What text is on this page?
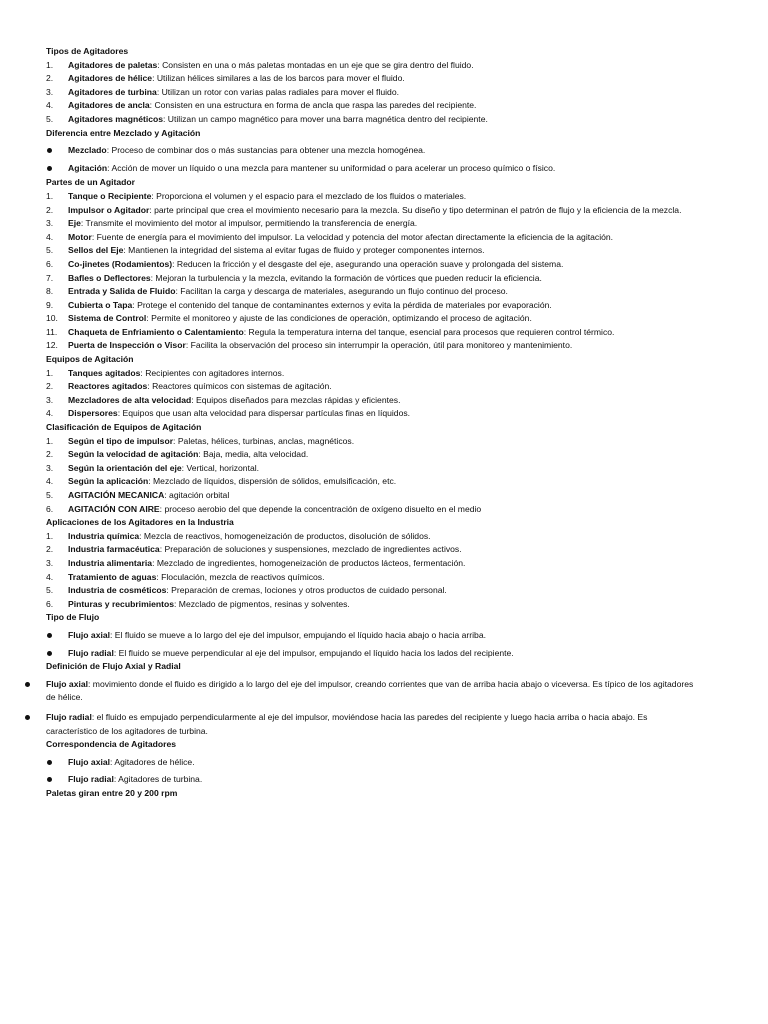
Tipos de Agitadores
1. Agitadores de paletas: Consisten en una o más paletas montadas en un eje que se gira dentro del fluido.
2. Agitadores de hélice: Utilizan hélices similares a las de los barcos para mover el fluido.
3. Agitadores de turbina: Utilizan un rotor con varias palas radiales para mover el fluido.
4. Agitadores de ancla: Consisten en una estructura en forma de ancla que raspa las paredes del recipiente.
5. Agitadores magnéticos: Utilizan un campo magnético para mover una barra magnética dentro del recipiente.
Diferencia entre Mezclado y Agitación
Mezclado: Proceso de combinar dos o más sustancias para obtener una mezcla homogénea.
Agitación: Acción de mover un líquido o una mezcla para mantener su uniformidad o para acelerar un proceso químico o físico.
Partes de un Agitador
1. Tanque o Recipiente: Proporciona el volumen y el espacio para el mezclado de los fluidos o materiales.
2. Impulsor o Agitador: parte principal que crea el movimiento necesario para la mezcla. Su diseño y tipo determinan el patrón de flujo y la eficiencia de la mezcla.
3. Eje: Transmite el movimiento del motor al impulsor, permitiendo la transferencia de energía.
4. Motor: Fuente de energía para el movimiento del impulsor. La velocidad y potencia del motor afectan directamente la eficiencia de la agitación.
5. Sellos del Eje: Mantienen la integridad del sistema al evitar fugas de fluido y proteger componentes internos.
6. Co-jinetes (Rodamientos): Reducen la fricción y el desgaste del eje, asegurando una operación suave y prolongada del sistema.
7. Bafles o Deflectores: Mejoran la turbulencia y la mezcla, evitando la formación de vórtices que pueden reducir la eficiencia.
8. Entrada y Salida de Fluido: Facilitan la carga y descarga de materiales, asegurando un flujo continuo del proceso.
9. Cubierta o Tapa: Protege el contenido del tanque de contaminantes externos y evita la pérdida de materiales por evaporación.
10. Sistema de Control: Permite el monitoreo y ajuste de las condiciones de operación, optimizando el proceso de agitación.
11. Chaqueta de Enfriamiento o Calentamiento: Regula la temperatura interna del tanque, esencial para procesos que requieren control térmico.
12. Puerta de Inspección o Visor: Facilita la observación del proceso sin interrumpir la operación, útil para monitoreo y mantenimiento.
Equipos de Agitación
1. Tanques agitados: Recipientes con agitadores internos.
2. Reactores agitados: Reactores químicos con sistemas de agitación.
3. Mezcladores de alta velocidad: Equipos diseñados para mezclas rápidas y eficientes.
4. Dispersores: Equipos que usan alta velocidad para dispersar partículas finas en líquidos.
Clasificación de Equipos de Agitación
1. Según el tipo de impulsor: Paletas, hélices, turbinas, anclas, magnéticos.
2. Según la velocidad de agitación: Baja, media, alta velocidad.
3. Según la orientación del eje: Vertical, horizontal.
4. Según la aplicación: Mezclado de líquidos, dispersión de sólidos, emulsificación, etc.
5. AGITACIÓN MECANICA: agitación orbital
6. AGITACIÓN CON AIRE: proceso aerobio del que depende la concentración de oxígeno disuelto en el medio
Aplicaciones de los Agitadores en la Industria
1. Industria química: Mezcla de reactivos, homogeneización de productos, disolución de sólidos.
2. Industria farmacéutica: Preparación de soluciones y suspensiones, mezclado de ingredientes activos.
3. Industria alimentaria: Mezclado de ingredientes, homogeneización de productos lácteos, fermentación.
4. Tratamiento de aguas: Floculación, mezcla de reactivos químicos.
5. Industria de cosméticos: Preparación de cremas, lociones y otros productos de cuidado personal.
6. Pinturas y recubrimientos: Mezclado de pigmentos, resinas y solventes.
Tipo de Flujo
Flujo axial: El fluido se mueve a lo largo del eje del impulsor, empujando el líquido hacia abajo o hacia arriba.
Flujo radial: El fluido se mueve perpendicular al eje del impulsor, empujando el líquido hacia los lados del recipiente.
Definición de Flujo Axial y Radial
Flujo axial: movimiento donde el fluido es dirigido a lo largo del eje del impulsor, creando corrientes que van de arriba hacia abajo o viceversa. Es típico de los agitadores de hélice.
Flujo radial: el fluido es empujado perpendicularmente al eje del impulsor, moviéndose hacia las paredes del recipiente y luego hacia arriba o hacia abajo. Es característico de los agitadores de turbina.
Correspondencia de Agitadores
Flujo axial: Agitadores de hélice.
Flujo radial: Agitadores de turbina.
Paletas giran entre 20 y 200 rpm
